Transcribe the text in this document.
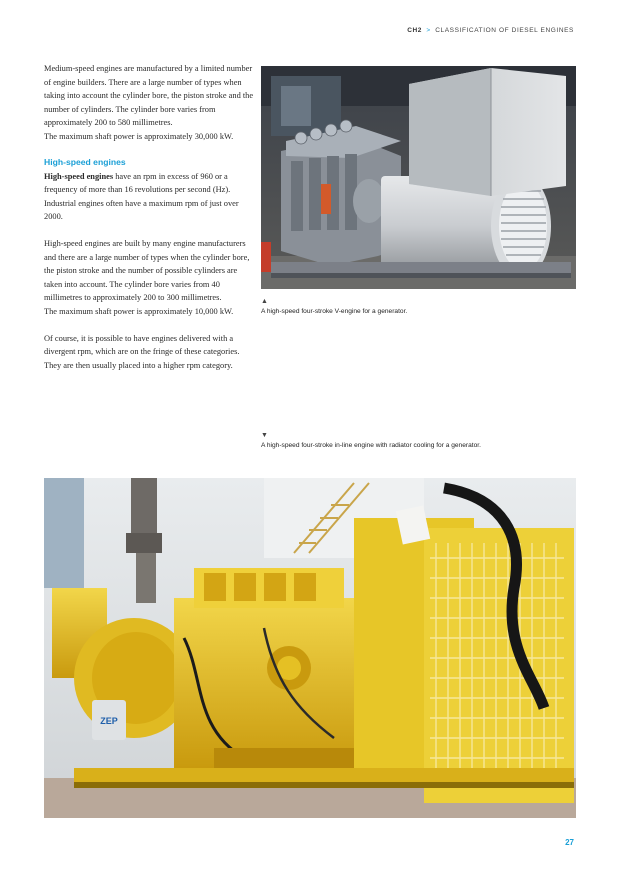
CH2 > CLASSIFICATION OF DIESEL ENGINES

Medium-speed engines are manufactured by a limited number of engine builders. There are a large number of types when taking into account the cylinder bore, the piston stroke and the number of cylinders. The cylinder bore varies from approximately 200 to 580 millimetres.

The maximum shaft power is approximately 30,000 kW.

High-speed engines

High-speed engines have an rpm in excess of 960 or a frequency of more than 16 revolutions per second (Hz). Industrial engines often have a maximum rpm of just over 2000.

High-speed engines are built by many engine manufacturers and there are a large number of types when the cylinder bore, the piston stroke and the number of possible cylinders are taken into account. The cylinder bore varies from 40 millimetres to approximately 200 to 300 millimetres.

The maximum shaft power is approximately 10,000 kW.

Of course, it is possible to have engines delivered with a divergent rpm, which are on the fringe of these categories. They are then usually placed into a higher rpm category.

▲
A high-speed four-stroke V-engine for a generator.
▼
A high-speed four-stroke in-line engine with radiator cooling for a generator.
ZEP
27
